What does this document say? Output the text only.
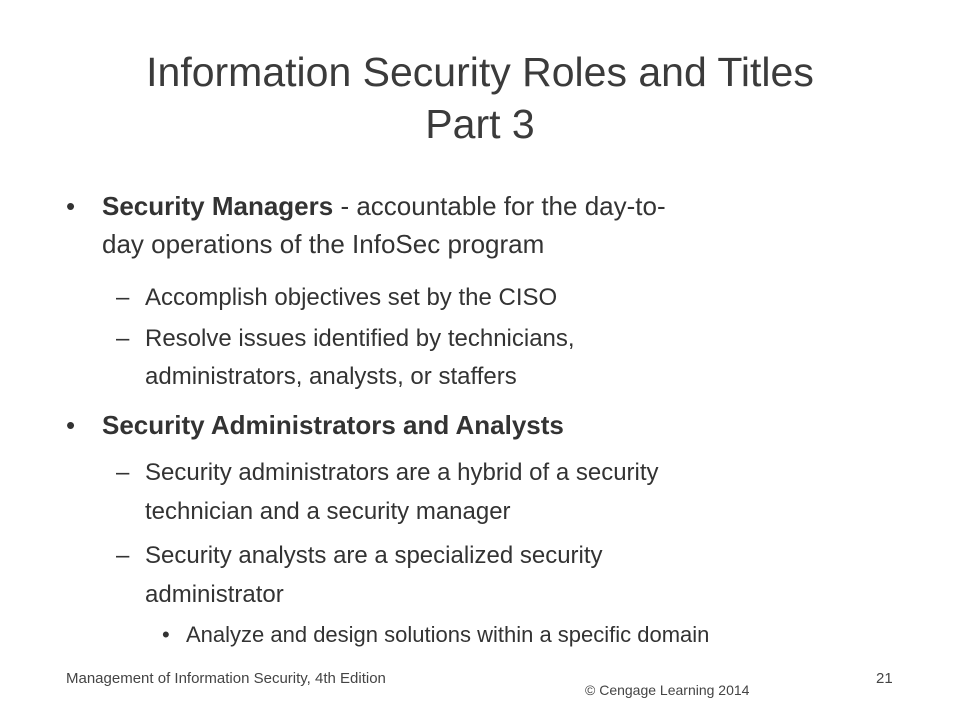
Information Security Roles and Titles
Part 3
• Security Managers - accountable for the day-to-
day operations of the InfoSec program
– Accomplish objectives set by the CISO
– Resolve issues identified by technicians,
administrators, analysts, or staffers
• Security Administrators and Analysts
– Security administrators are a hybrid of a security
technician and a security manager
– Security analysts are a specialized security
administrator
• Analyze and design solutions within a specific domain
Management of Information Security, 4th Edition	21
© Cengage Learning 2014
